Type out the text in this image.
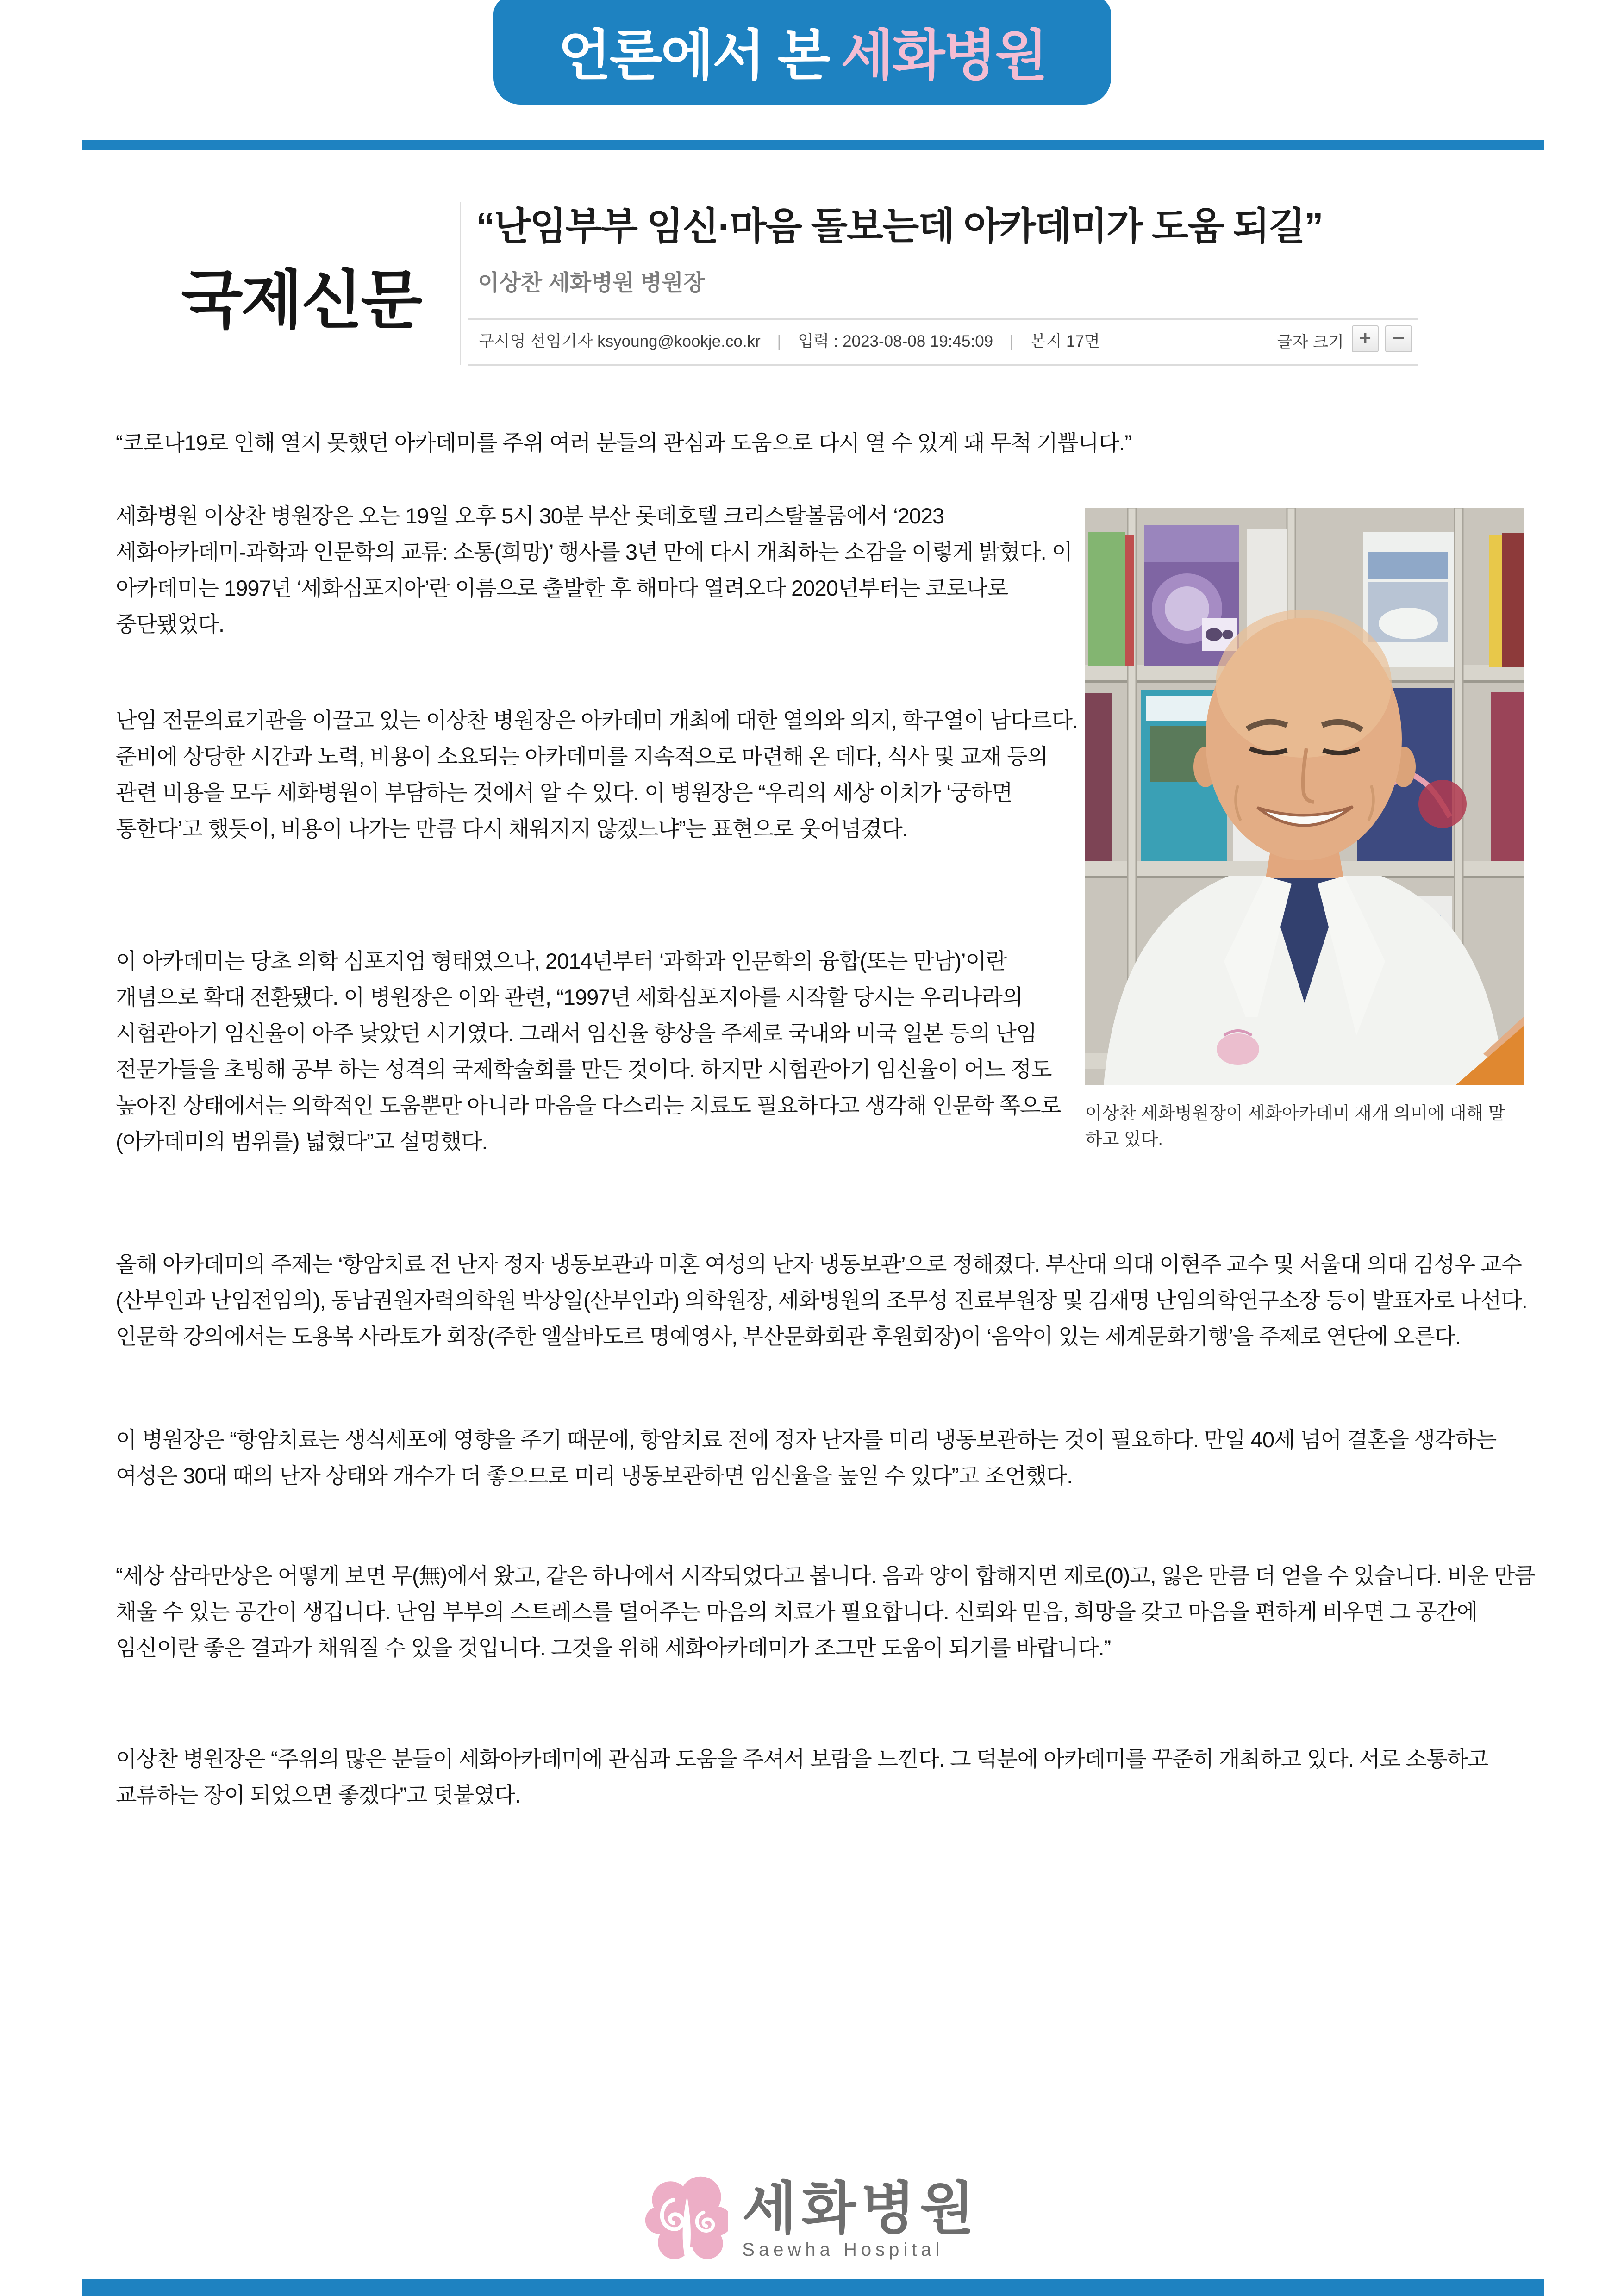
언론에서 본 세화병원
국제신문
“난임부부 임신·마음 돌보는데 아카데미가 도움 되길”
이상찬 세화병원 병원장
구시영 선임기자 ksyoung@kookje.co.kr | 입력 : 2023-08-08 19:45:09 | 본지 17면	글자 크기 +	−
“코로나19로 인해 열지 못했던 아카데미를 주위 여러 분들의 관심과 도움으로 다시 열 수 있게 돼 무척 기쁩니다.”
세화병원 이상찬 병원장은 오는 19일 오후 5시 30분 부산 롯데호텔 크리스탈볼룸에서 ‘2023 세화아카데미-과학과 인문학의 교류: 소통(희망)’ 행사를 3년 만에 다시 개최하는 소감을 이렇게 밝혔다. 이 아카데미는 1997년 ‘세화심포지아’란 이름으로 출발한 후 해마다 열려오다 2020년부터는 코로나로 중단됐었다.
난임 전문의료기관을 이끌고 있는 이상찬 병원장은 아카데미 개최에 대한 열의와 의지, 학구열이 남다르다. 준비에 상당한 시간과 노력, 비용이 소요되는 아카데미를 지속적으로 마련해 온 데다, 식사 및 교재 등의 관련 비용을 모두 세화병원이 부담하는 것에서 알 수 있다. 이 병원장은 “우리의 세상 이치가 ‘궁하면 통한다’고 했듯이, 비용이 나가는 만큼 다시 채워지지 않겠느냐”는 표현으로 웃어넘겼다.
이 아카데미는 당초 의학 심포지엄 형태였으나, 2014년부터 ‘과학과 인문학의 융합(또는 만남)’이란 개념으로 확대 전환됐다. 이 병원장은 이와 관련, “1997년 세화심포지아를 시작할 당시는 우리나라의 시험관아기 임신율이 아주 낮았던 시기였다. 그래서 임신율 향상을 주제로 국내와 미국 일본 등의 난임 전문가들을 초빙해 공부 하는 성격의 국제학술회를 만든 것이다. 하지만 시험관아기 임신율이 어느 정도 높아진 상태에서는 의학적인 도움뿐만 아니라 마음을 다스리는 치료도 필요하다고 생각해 인문학 쪽으로 (아카데미의 범위를) 넓혔다”고 설명했다.
올해 아카데미의 주제는 ‘항암치료 전 난자 정자 냉동보관과 미혼 여성의 난자 냉동보관’으로 정해졌다. 부산대 의대 이현주 교수 및 서울대 의대 김성우 교수(산부인과 난임전임의), 동남권원자력의학원 박상일(산부인과) 의학원장, 세화병원의 조무성 진료부원장 및 김재명 난임의학연구소장 등이 발표자로 나선다. 인문학 강의에서는 도용복 사라토가 회장(주한 엘살바도르 명예영사, 부산문화회관 후원회장)이 ‘음악이 있는 세계문화기행’을 주제로 연단에 오른다.
이 병원장은 “항암치료는 생식세포에 영향을 주기 때문에, 항암치료 전에 정자 난자를 미리 냉동보관하는 것이 필요하다. 만일 40세 넘어 결혼을 생각하는 여성은 30대 때의 난자 상태와 개수가 더 좋으므로 미리 냉동보관하면 임신율을 높일 수 있다”고 조언했다.
“세상 삼라만상은 어떻게 보면 무(無)에서 왔고, 같은 하나에서 시작되었다고 봅니다. 음과 양이 합해지면 제로(0)고, 잃은 만큼 더 얻을 수 있습니다. 비운 만큼 채울 수 있는 공간이 생깁니다. 난임 부부의 스트레스를 덜어주는 마음의 치료가 필요합니다. 신뢰와 믿음, 희망을 갖고 마음을 편하게 비우면 그 공간에 임신이란 좋은 결과가 채워질 수 있을 것입니다. 그것을 위해 세화아카데미가 조그만 도움이 되기를 바랍니다.”
이상찬 병원장은 “주위의 많은 분들이 세화아카데미에 관심과 도움을 주셔서 보람을 느낀다. 그 덕분에 아카데미를 꾸준히 개최하고 있다. 서로 소통하고 교류하는 장이 되었으면 좋겠다”고 덧붙였다.
이상찬 세화병원장이 세화아카데미 재개 의미에 대해 말하고 있다.
세화병원
Saewha Hospital
